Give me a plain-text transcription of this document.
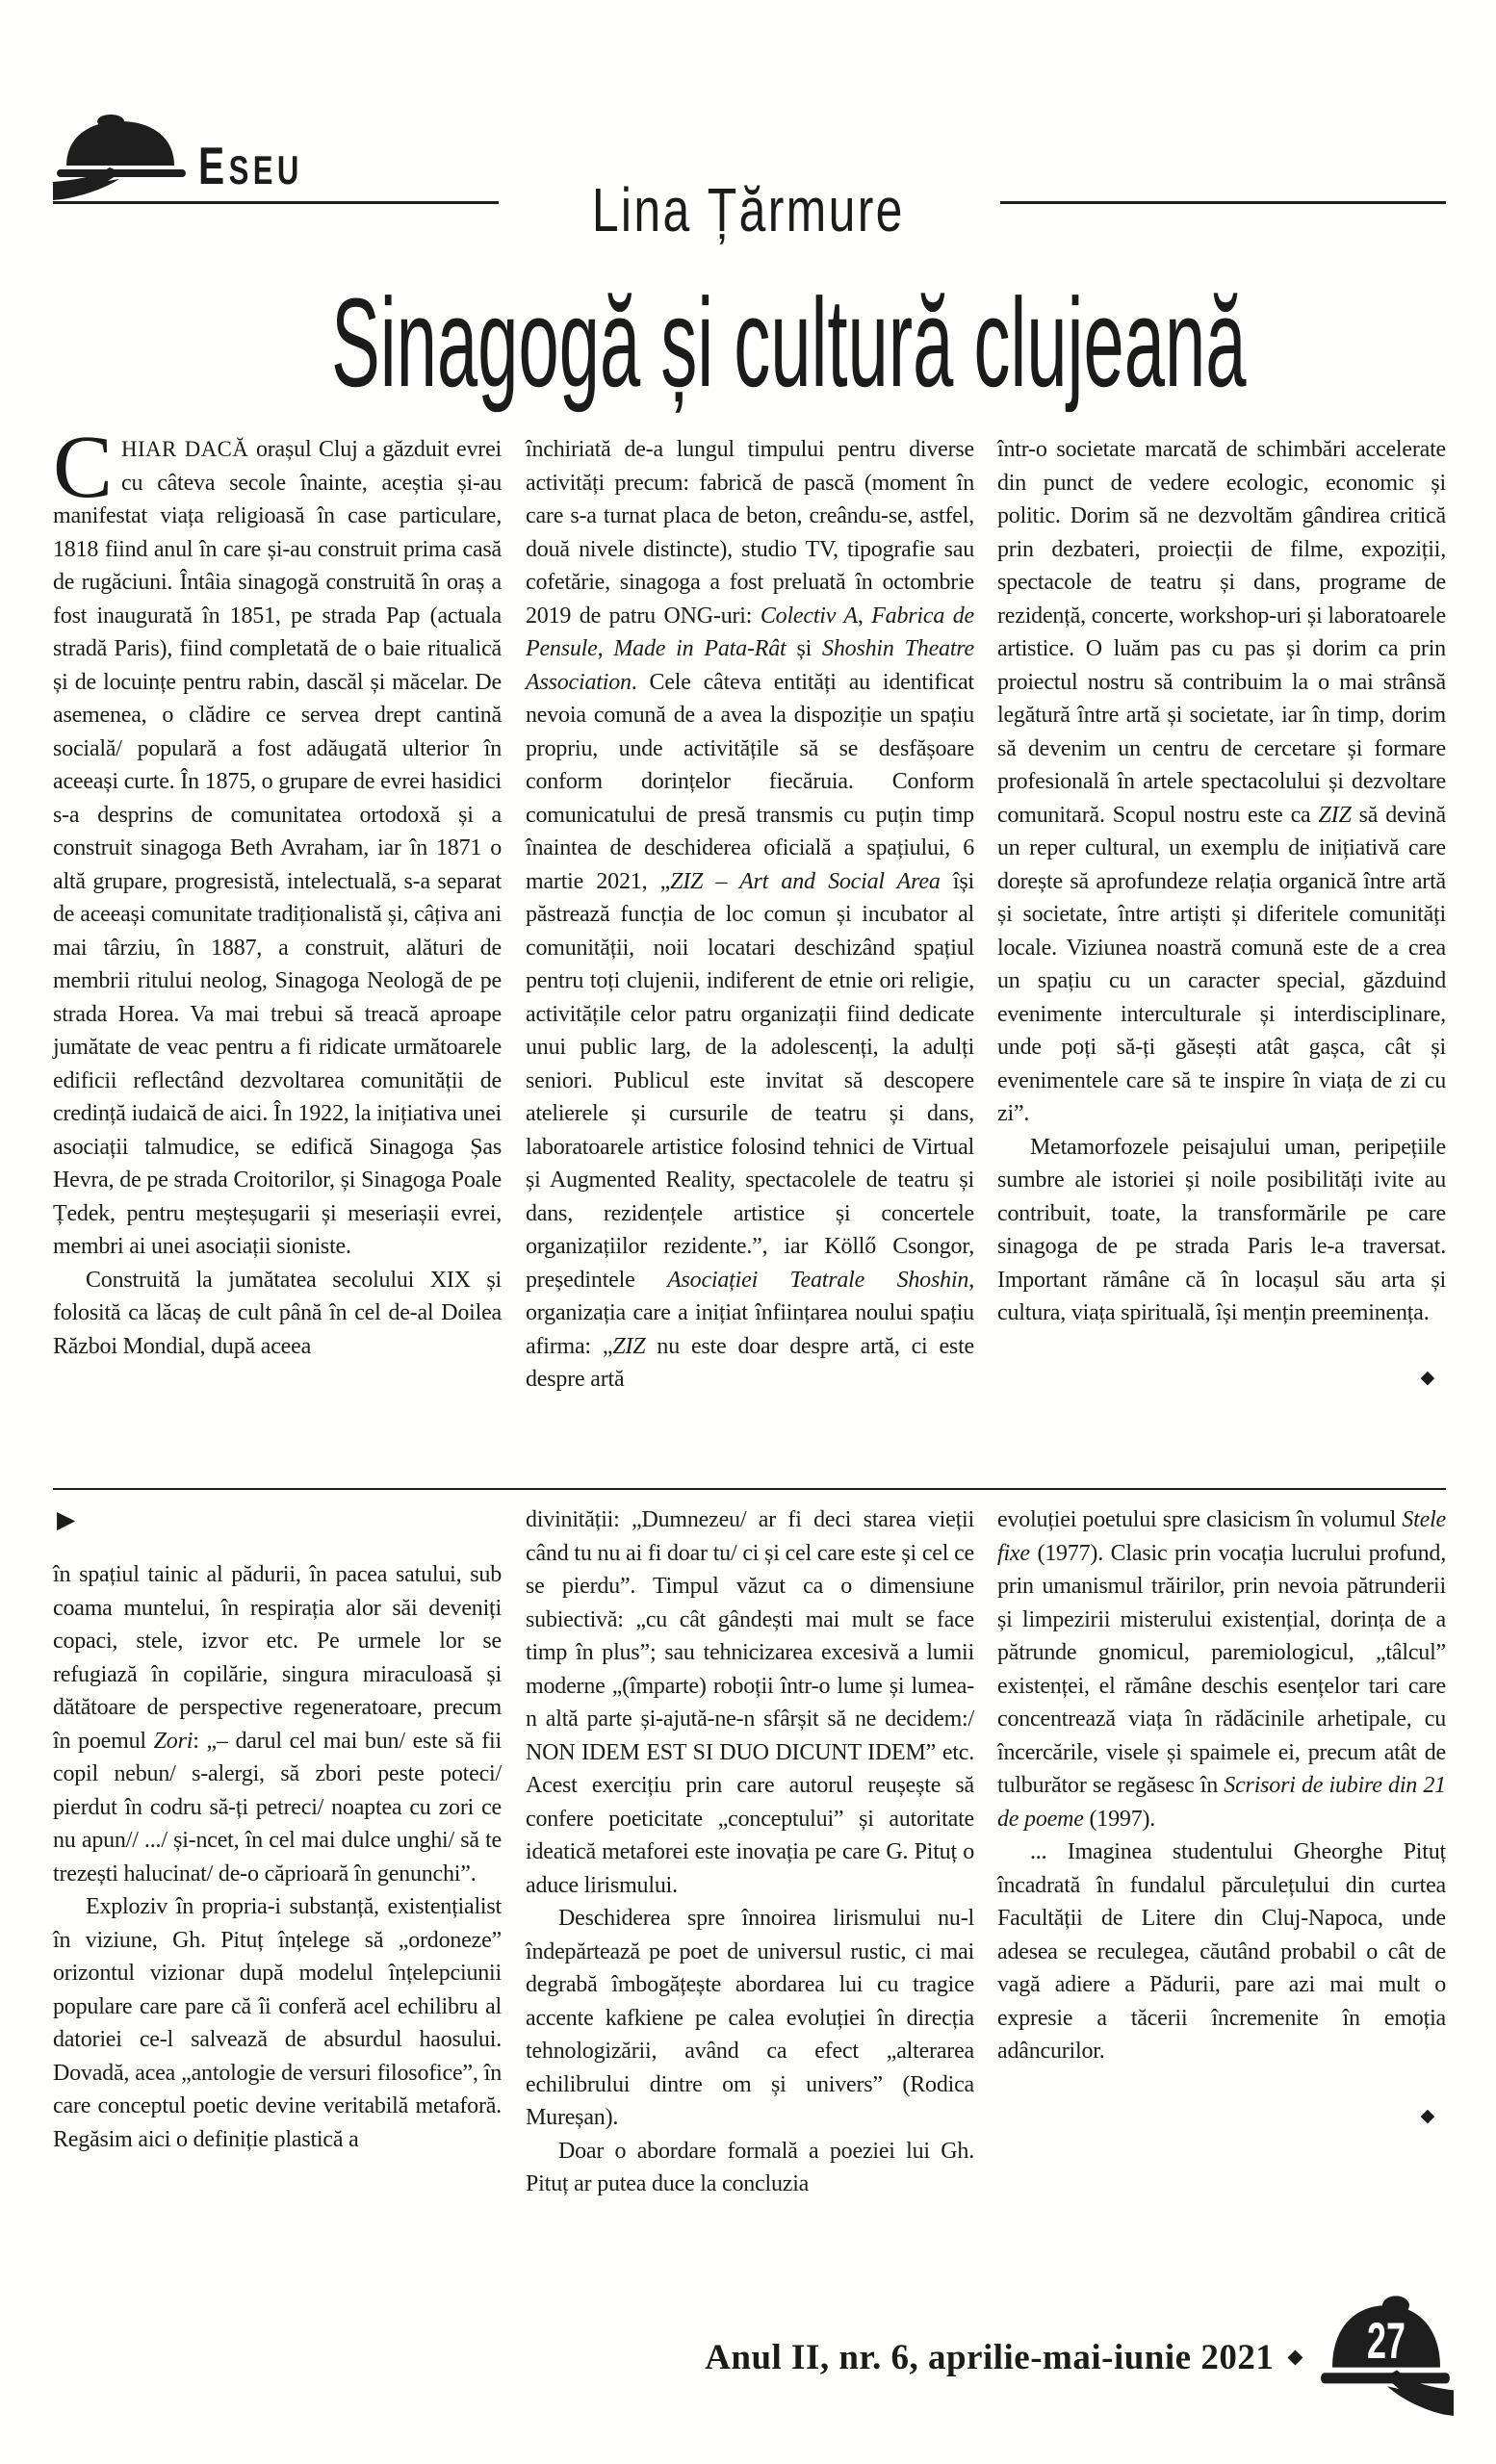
ESEU
Lina Țărmure
Sinagogă și cultură clujeană

CHIAR DACĂ orașul Cluj a găzduit evrei cu câteva secole înainte, aceștia și-au manifestat viața religioasă în case particulare, 1818 fiind anul în care și-au construit prima casă de rugăciuni. Întâia sinagogă construită în oraș a fost inaugurată în 1851, pe strada Pap (actuala stradă Paris), fiind completată de o baie ritualică și de locuințe pentru rabin, dascăl și măcelar. De asemenea, o clădire ce servea drept cantină socială/ populară a fost adăugată ulterior în aceeași curte. În 1875, o grupare de evrei hasidici s-a desprins de comunitatea ortodoxă și a construit sinagoga Beth Avraham, iar în 1871 o altă grupare, progresistă, intelectuală, s-a separat de aceeași comunitate tradiționalistă și, câțiva ani mai târziu, în 1887, a construit, alături de membrii ritului neolog, Sinagoga Neologă de pe strada Horea. Va mai trebui să treacă aproape jumătate de veac pentru a fi ridicate următoarele edificii reflectând dezvoltarea comunității de credință iudaică de aici. În 1922, la inițiativa unei asociații talmudice, se edifică Sinagoga Șas Hevra, de pe strada Croitorilor, și Sinagoga Poale Țedek, pentru meșteșugarii și meseriașii evrei, membri ai unei asociații sioniste.

Construită la jumătatea secolului XIX și folosită ca lăcaș de cult până în cel de-al Doilea Război Mondial, după aceea

închiriată de-a lungul timpului pentru diverse activități precum: fabrică de pască (moment în care s-a turnat placa de beton, creându-se, astfel, două nivele distincte), studio TV, tipografie sau cofetărie, sinagoga a fost preluată în octombrie 2019 de patru ONG-uri: Colectiv A, Fabrica de Pensule, Made in Pata-Rât și Shoshin Theatre Association. Cele câteva entități au identificat nevoia comună de a avea la dispoziție un spațiu propriu, unde activitățile să se desfășoare conform dorințelor fiecăruia. Conform comunicatului de presă transmis cu puțin timp înaintea de deschiderea oficială a spațiului, 6 martie 2021, „ZIZ – Art and Social Area își păstrează funcția de loc comun și incubator al comunității, noii locatari deschizând spațiul pentru toți clujenii, indiferent de etnie ori religie, activitățile celor patru organizații fiind dedicate unui public larg, de la adolescenți, la adulți seniori. Publicul este invitat să descopere atelierele și cursurile de teatru și dans, laboratoarele artistice folosind tehnici de Virtual și Augmented Reality, spectacolele de teatru și dans, rezidențele artistice și concertele organizațiilor rezidente.”, iar Köllő Csongor, președintele Asociației Teatrale Shoshin, organizația care a inițiat înființarea noului spațiu afirma: „ZIZ nu este doar despre artă, ci este despre artă

într-o societate marcată de schimbări accelerate din punct de vedere ecologic, economic și politic. Dorim să ne dezvoltăm gândirea critică prin dezbateri, proiecții de filme, expoziții, spectacole de teatru și dans, programe de rezidență, concerte, workshop-uri și laboratoarele artistice. O luăm pas cu pas și dorim ca prin proiectul nostru să contribuim la o mai strânsă legătură între artă și societate, iar în timp, dorim să devenim un centru de cercetare și formare profesională în artele spectacolului și dezvoltare comunitară. Scopul nostru este ca ZIZ să devină un reper cultural, un exemplu de inițiativă care dorește să aprofundeze relația organică între artă și societate, între artiști și diferitele comunități locale. Viziunea noastră comună este de a crea un spațiu cu un caracter special, găzduind evenimente interculturale și interdisciplinare, unde poți să-ți găsești atât gașca, cât și evenimentele care să te inspire în viața de zi cu zi”.

Metamorfozele peisajului uman, peripețiile sumbre ale istoriei și noile posibilități ivite au contribuit, toate, la transformările pe care sinagoga de pe strada Paris le-a traversat. Important rămâne că în locașul său arta și cultura, viața spirituală, își mențin preeminența.

◆
▶

în spațiul tainic al pădurii, în pacea satului, sub coama muntelui, în respirația alor săi deveniți copaci, stele, izvor etc. Pe urmele lor se refugiază în copilărie, singura miraculoasă și dătătoare de perspective regeneratoare, precum în poemul Zori: „– darul cel mai bun/ este să fii copil nebun/ s-alergi, să zbori peste poteci/ pierdut în codru să-ți petreci/ noaptea cu zori ce nu apun// .../ și-ncet, în cel mai dulce unghi/ să te trezești halucinat/ de-o căprioară în genunchi”.

Exploziv în propria-i substanță, existențialist în viziune, Gh. Pituț înțelege să „ordoneze” orizontul vizionar după modelul înțelepciunii populare care pare că îi conferă acel echilibru al datoriei ce-l salvează de absurdul haosului. Dovadă, acea „antologie de versuri filosofice”, în care conceptul poetic devine veritabilă metaforă. Regăsim aici o definiție plastică a

divinității: „Dumnezeu/ ar fi deci starea vieții când tu nu ai fi doar tu/ ci și cel care este și cel ce se pierdu”. Timpul văzut ca o dimensiune subiectivă: „cu cât gândești mai mult se face timp în plus”; sau tehnicizarea excesivă a lumii moderne „(împarte) roboții într-o lume și lumea-n altă parte și-ajută-ne-n sfârșit să ne decidem:/ NON IDEM EST SI DUO DICUNT IDEM” etc. Acest exercițiu prin care autorul reușește să confere poeticitate „conceptului” și autoritate ideatică metaforei este inovația pe care G. Pituț o aduce lirismului.

Deschiderea spre înnoirea lirismului nu-l îndepărtează pe poet de universul rustic, ci mai degrabă îmbogățește abordarea lui cu tragice accente kafkiene pe calea evoluției în direcția tehnologizării, având ca efect „alterarea echilibrului dintre om și univers” (Rodica Mureșan).

Doar o abordare formală a poeziei lui Gh. Pituț ar putea duce la concluzia

evoluției poetului spre clasicism în volumul Stele fixe (1977). Clasic prin vocația lucrului profund, prin umanismul trăirilor, prin nevoia pătrunderii și limpezirii misterului existențial, dorința de a pătrunde gnomicul, paremiologicul, „tâlcul” existenței, el rămâne deschis esențelor tari care concentrează viața în rădăcinile arhetipale, cu încercările, visele și spaimele ei, precum atât de tulburător se regăsesc în Scrisori de iubire din 21 de poeme (1997).

... Imaginea studentului Gheorghe Pituț încadrată în fundalul părculețului din curtea Facultății de Litere din Cluj-Napoca, unde adesea se reculegea, căutând probabil o cât de vagă adiere a Pădurii, pare azi mai mult o expresie a tăcerii încremenite în emoția adâncurilor.

◆
Anul II, nr. 6, aprilie-mai-iunie 2021 ◆ 27
